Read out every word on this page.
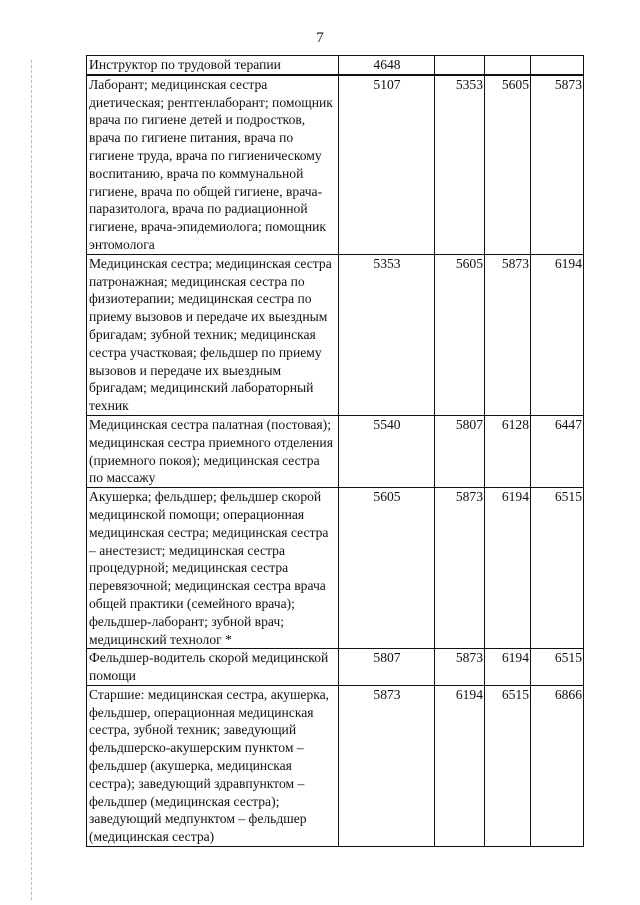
7
Инструктор по трудовой терапии	4648			
Лаборант; медицинская сестра диетическая; рентгенлаборант; помощник врача по гигиене детей и подростков, врача по гигиене питания, врача по гигиене труда, врача по гигиеническому воспитанию, врача по коммунальной гигиене, врача по общей гигиене, врача-паразитолога, врача по радиационной гигиене, врача-эпидемиолога; помощник энтомолога	5107	5353	5605	5873
Медицинская сестра; медицинская сестра патронажная; медицинская сестра по физиотерапии; медицинская сестра по приему вызовов и передаче их выездным бригадам; зубной техник; медицинская сестра участковая; фельдшер по приему вызовов и передаче их выездным бригадам; медицинский лабораторный техник	5353	5605	5873	6194
Медицинская сестра палатная (постовая); медицинская сестра приемного отделения (приемного покоя); медицинская сестра по массажу	5540	5807	6128	6447
Акушерка; фельдшер; фельдшер скорой медицинской помощи; операционная медицинская сестра; медицинская сестра – анестезист; медицинская сестра процедурной; медицинская сестра перевязочной; медицинская сестра врача общей практики (семейного врача); фельдшер-лаборант; зубной врач; медицинский технолог *	5605	5873	6194	6515
Фельдшер-водитель скорой медицинской помощи	5807	5873	6194	6515
Старшие: медицинская сестра, акушерка, фельдшер, операционная медицинская сестра, зубной техник; заведующий фельдшерско-акушерским пунктом – фельдшер (акушерка, медицинская сестра); заведующий здравпунктом – фельдшер (медицинская сестра); заведующий медпунктом – фельдшер (медицинская сестра)	5873	6194	6515	6866
